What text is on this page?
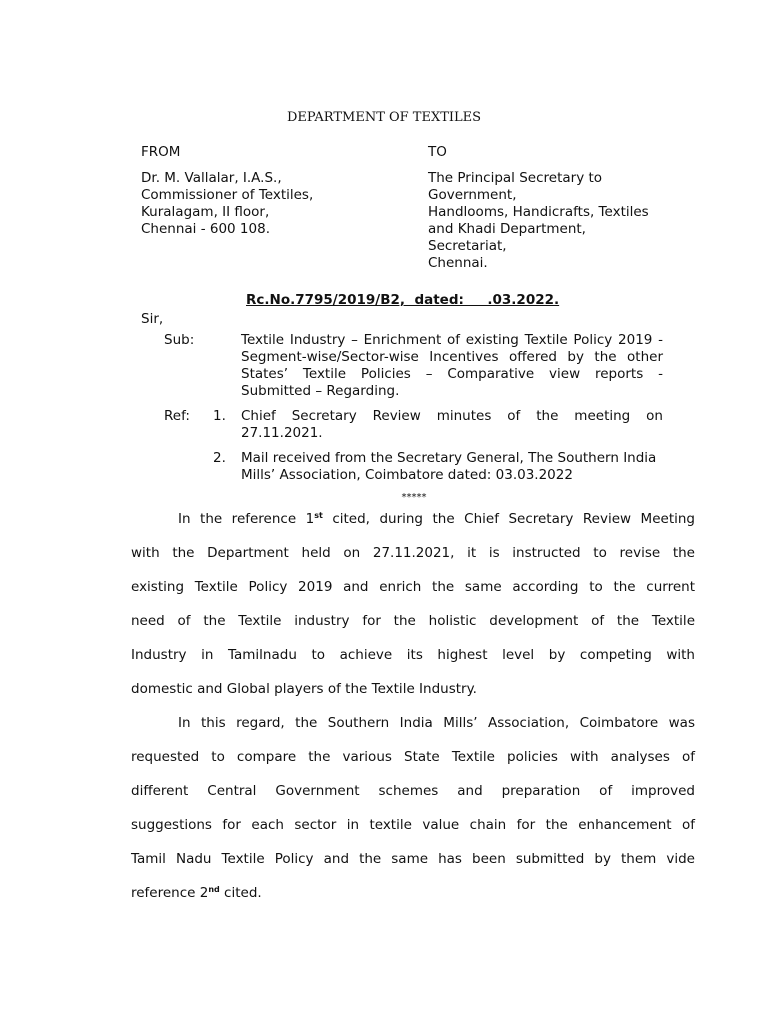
DEPARTMENT OF TEXTILES
FROM
Dr. M. Vallalar, I.A.S.,
Commissioner of Textiles,
Kuralagam, II floor,
Chennai - 600 108.
TO
The Principal Secretary to
Government,
Handlooms, Handicrafts, Textiles
and Khadi Department,
Secretariat,
Chennai.
Rc.No.7795/2019/B2,  dated:     .03.2022.
Sir,
Sub:	Textile Industry – Enrichment of existing Textile Policy 2019 - Segment-wise/Sector-wise Incentives offered by the other States’ Textile Policies – Comparative view reports - Submitted – Regarding.
Ref: 1. Chief Secretary Review minutes of the meeting on 27.11.2021.
2. Mail received from the Secretary General, The Southern India Mills’ Association, Coimbatore dated: 03.03.2022
*****
In the reference 1st cited, during the Chief Secretary Review Meeting
with the Department held on 27.11.2021, it is instructed to revise the
existing Textile Policy 2019 and enrich the same according to the current
need of the Textile industry for the holistic development of the Textile
Industry in Tamilnadu to achieve its highest level by competing with
domestic and Global players of the Textile Industry.
In this regard, the Southern India Mills’ Association, Coimbatore was
requested to compare the various State Textile policies with analyses of
different Central Government schemes and preparation of improved
suggestions for each sector in textile value chain for the enhancement of
Tamil Nadu Textile Policy and the same has been submitted by them vide
reference 2nd cited.
